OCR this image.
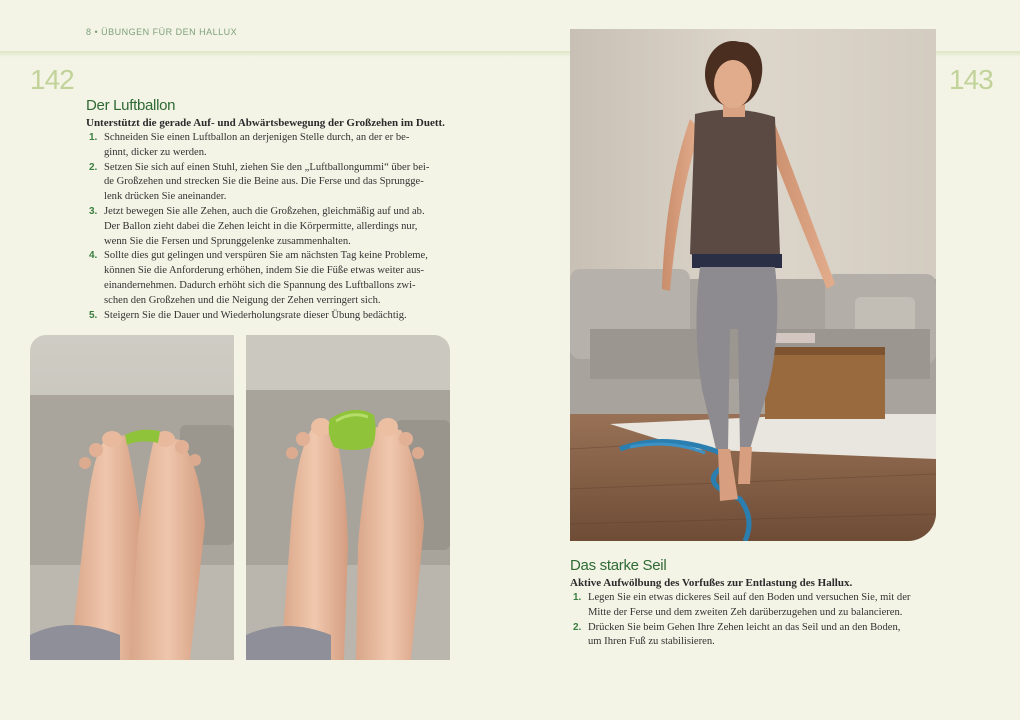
8 • ÜBUNGEN FÜR DEN HALLUX
142	143
Der Luftballon
Unterstützt die gerade Auf- und Abwärtsbewegung der Großzehen im Duett.
1. Schneiden Sie einen Luftballon an derjenigen Stelle durch, an der er be-
ginnt, dicker zu werden.
2. Setzen Sie sich auf einen Stuhl, ziehen Sie den „Luftballongummi“ über bei-
de Großzehen und strecken Sie die Beine aus. Die Ferse und das Sprungge-
lenk drücken Sie aneinander.
3. Jetzt bewegen Sie alle Zehen, auch die Großzehen, gleichmäßig auf und ab.
Der Ballon zieht dabei die Zehen leicht in die Körpermitte, allerdings nur,
wenn Sie die Fersen und Sprunggelenke zusammenhalten.
4. Sollte dies gut gelingen und verspüren Sie am nächsten Tag keine Probleme,
können Sie die Anforderung erhöhen, indem Sie die Füße etwas weiter aus-
einandernehmen. Dadurch erhöht sich die Spannung des Luftballons zwi-
schen den Großzehen und die Neigung der Zehen verringert sich.
5. Steigern Sie die Dauer und Wiederholungsrate dieser Übung bedächtig.
Das starke Seil
Aktive Aufwölbung des Vorfußes zur Entlastung des Hallux.
1. Legen Sie ein etwas dickeres Seil auf den Boden und versuchen Sie, mit der
Mitte der Ferse und dem zweiten Zeh darüberzugehen und zu balancieren.
2. Drücken Sie beim Gehen Ihre Zehen leicht an das Seil und an den Boden,
um Ihren Fuß zu stabilisieren.
